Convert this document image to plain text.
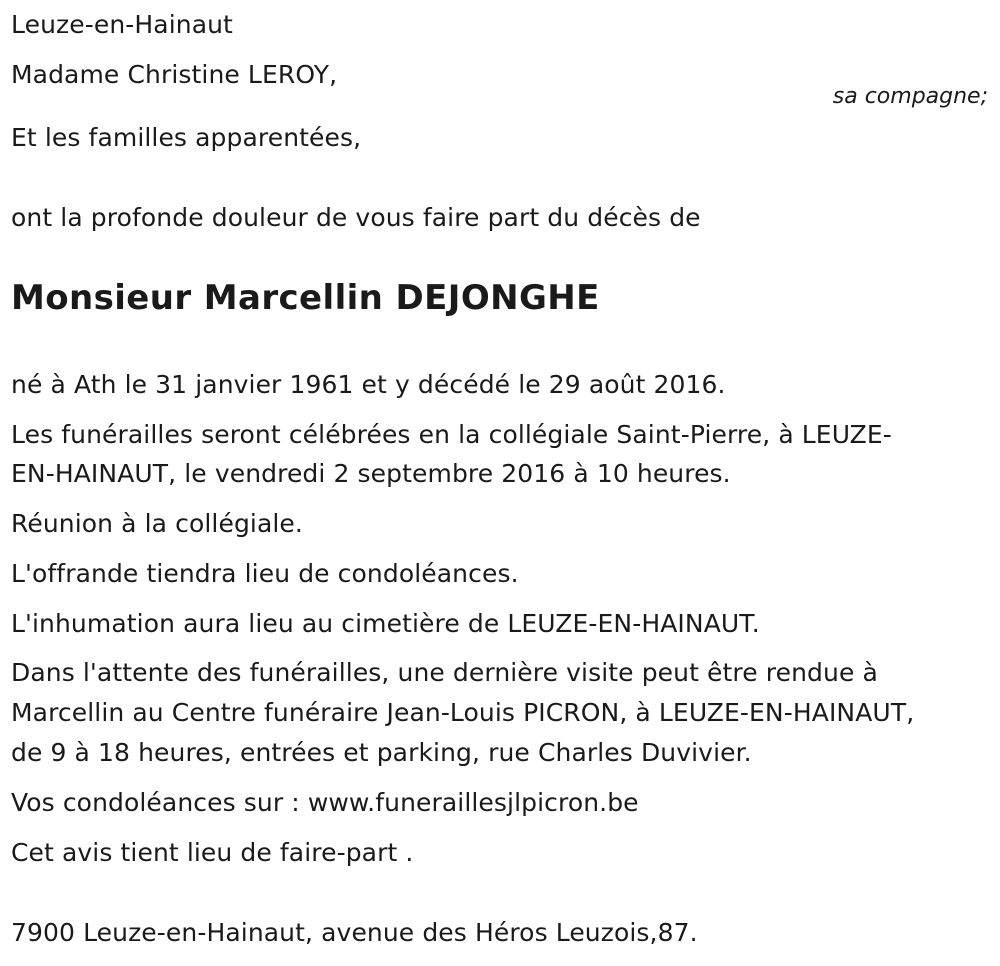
Leuze-en-Hainaut
Madame Christine LEROY,
sa compagne;
Et les familles apparentées,
ont la profonde douleur de vous faire part du décès de
Monsieur Marcellin DEJONGHE
né à Ath le 31 janvier 1961 et y décédé le 29 août 2016.
Les funérailles seront célébrées en la collégiale Saint-Pierre, à LEUZE-
EN-HAINAUT, le vendredi 2 septembre 2016 à 10 heures.
Réunion à la collégiale.
L'offrande tiendra lieu de condoléances.
L'inhumation aura lieu au cimetière de LEUZE-EN-HAINAUT.
Dans l'attente des funérailles, une dernière visite peut être rendue à
Marcellin au Centre funéraire Jean-Louis PICRON, à LEUZE-EN-HAINAUT,
de 9 à 18 heures, entrées et parking, rue Charles Duvivier.
Vos condoléances sur : www.funeraillesjlpicron.be
Cet avis tient lieu de faire-part .
7900 Leuze-en-Hainaut, avenue des Héros Leuzois,87.
